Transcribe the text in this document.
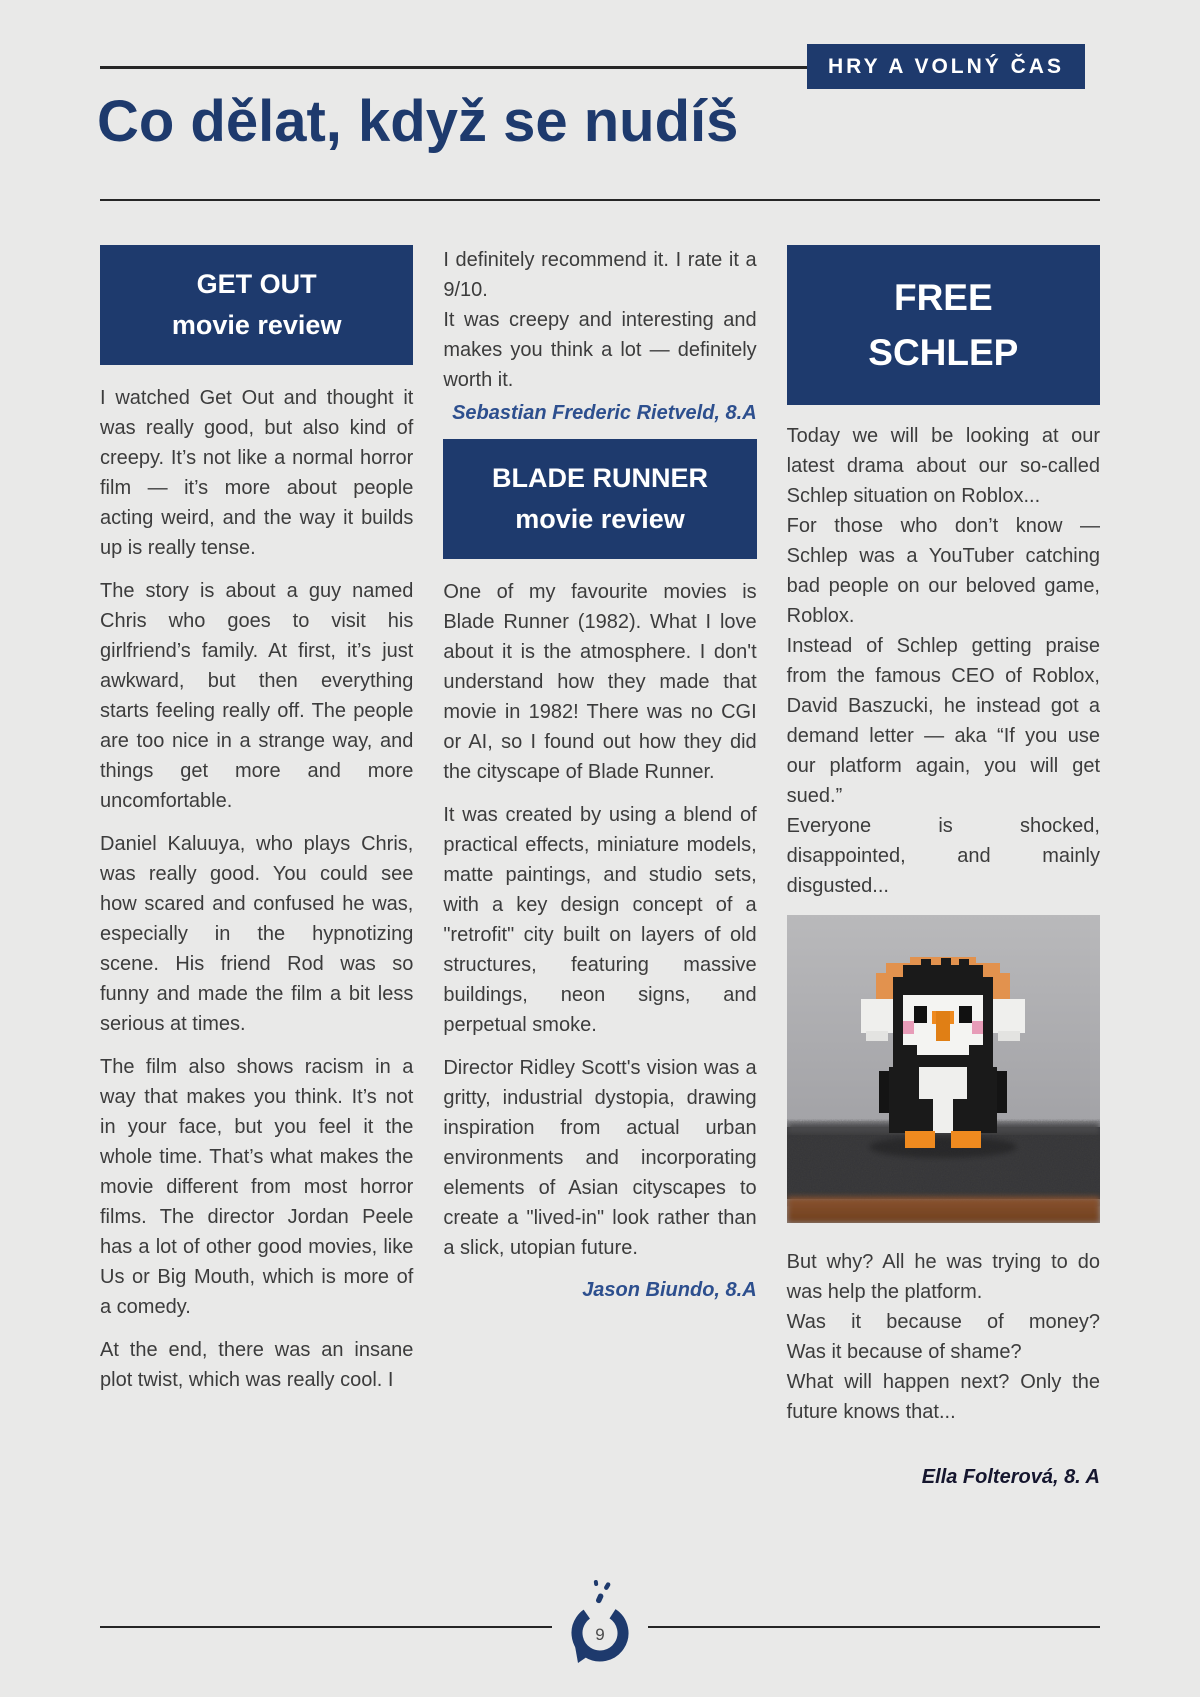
HRY A VOLNÝ ČAS
Co dělat, když se nudíš
GET OUT
movie review

I watched Get Out and thought it was really good, but also kind of creepy. It’s not like a normal horror film — it’s more about people acting weird, and the way it builds up is really tense.

The story is about a guy named Chris who goes to visit his girlfriend’s family. At first, it’s just awkward, but then everything starts feeling really off. The people are too nice in a strange way, and things get more and more uncomfortable.

Daniel Kaluuya, who plays Chris, was really good. You could see how scared and confused he was, especially in the hypnotizing scene. His friend Rod was so funny and made the film a bit less serious at times.

The film also shows racism in a way that makes you think. It’s not in your face, but you feel it the whole time. That’s what makes the movie different from most horror films. The director Jordan Peele has a lot of other good movies, like Us or Big Mouth, which is more of a comedy.

At the end, there was an insane plot twist, which was really cool. I

I definitely recommend it. I rate it a 9/10.

It was creepy and interesting and makes you think a lot — definitely worth it.

Sebastian Frederic Rietveld, 8.A
BLADE RUNNER
movie review

One of my favourite movies is Blade Runner (1982). What I love about it is the atmosphere. I don't understand how they made that movie in 1982! There was no CGI or AI, so I found out how they did the cityscape of Blade Runner.

It was created by using a blend of practical effects, miniature models, matte paintings, and studio sets, with a key design concept of a "retrofit" city built on layers of old structures, featuring massive buildings, neon signs, and perpetual smoke.

Director Ridley Scott's vision was a gritty, industrial dystopia, drawing inspiration from actual urban environments and incorporating elements of Asian cityscapes to create a "lived-in" look rather than a slick, utopian future.

Jason Biundo, 8.A
FREE
SCHLEP

Today we will be looking at our latest drama about our so-called Schlep situation on Roblox...

For those who don’t know — Schlep was a YouTuber catching bad people on our beloved game, Roblox.

Instead of Schlep getting praise from the famous CEO of Roblox, David Baszucki, he instead got a demand letter — aka “If you use our platform again, you will get sued.”

Everyone is shocked, disappointed, and mainly disgusted...

But why? All he was trying to do was help the platform.

Was it because of money?

Was it because of shame?

What will happen next? Only the future knows that...

Ella Folterová, 8. A
9
